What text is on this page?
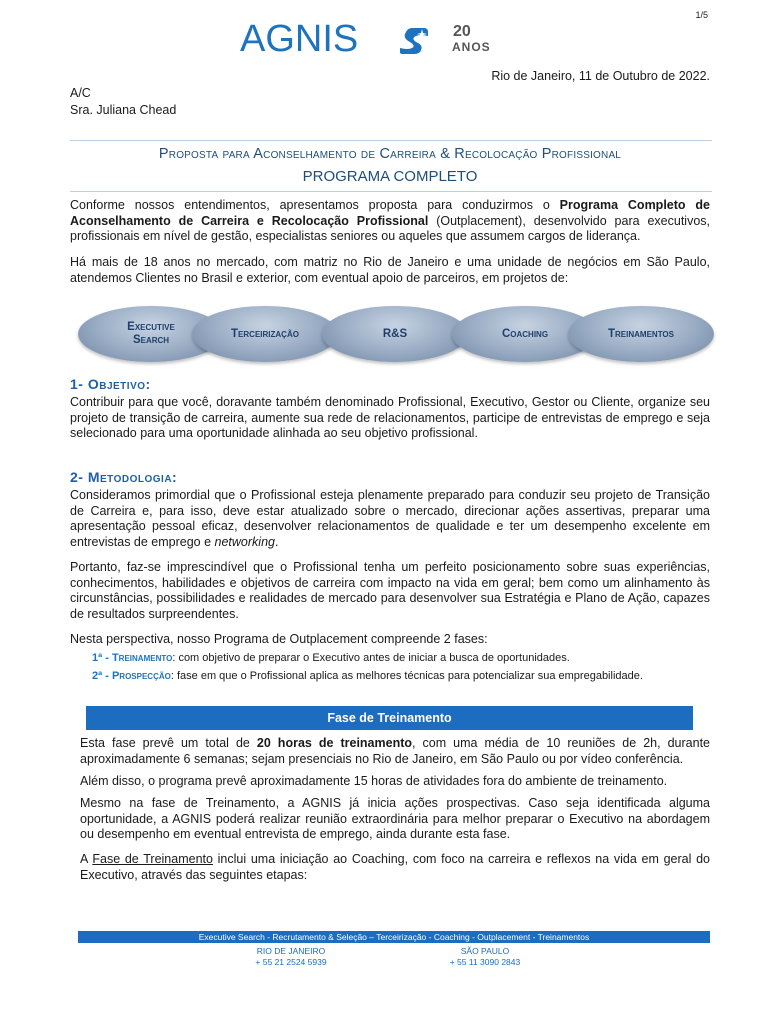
1/5
AGNIS	20
ANOS
Rio de Janeiro, 11 de Outubro de 2022.
A/C
Sra. Juliana Chead
Proposta para Aconselhamento de Carreira & Recolocação Profissional
PROGRAMA COMPLETO
Conforme nossos entendimentos, apresentamos proposta para conduzirmos o Programa Completo de Aconselhamento de Carreira e Recolocação Profissional (Outplacement), desenvolvido para executivos, profissionais em nível de gestão, especialistas seniores ou aqueles que assumem cargos de liderança.
Há mais de 18 anos no mercado, com matriz no Rio de Janeiro e uma unidade de negócios em São Paulo, atendemos Clientes no Brasil e exterior, com eventual apoio de parceiros, em projetos de:
Executive
Search
Terceirização	R&S	Coaching	Treinamentos
1- Objetivo:
Contribuir para que você, doravante também denominado Profissional, Executivo, Gestor ou Cliente, organize seu projeto de transição de carreira, aumente sua rede de relacionamentos, participe de entrevistas de emprego e seja selecionado para uma oportunidade alinhada ao seu objetivo profissional.
2- Metodologia:
Consideramos primordial que o Profissional esteja plenamente preparado para conduzir seu projeto de Transição de Carreira e, para isso, deve estar atualizado sobre o mercado, direcionar ações assertivas, preparar uma apresentação pessoal eficaz, desenvolver relacionamentos de qualidade e ter um desempenho excelente em entrevistas de emprego e networking.
Portanto, faz-se imprescindível que o Profissional tenha um perfeito posicionamento sobre suas experiências, conhecimentos, habilidades e objetivos de carreira com impacto na vida em geral; bem como um alinhamento às circunstâncias, possibilidades e realidades de mercado para desenvolver sua Estratégia e Plano de Ação, capazes de resultados surpreendentes.
Nesta perspectiva, nosso Programa de Outplacement compreende 2 fases:
1ª - Treinamento: com objetivo de preparar o Executivo antes de iniciar a busca de oportunidades.
2ª - Prospecção: fase em que o Profissional aplica as melhores técnicas para potencializar sua empregabilidade.
Fase de Treinamento
Esta fase prevê um total de 20 horas de treinamento, com uma média de 10 reuniões de 2h, durante aproximadamente 6 semanas; sejam presenciais no Rio de Janeiro, em São Paulo ou por vídeo conferência.
Além disso, o programa prevê aproximadamente 15 horas de atividades fora do ambiente de treinamento.
Mesmo na fase de Treinamento, a AGNIS já inicia ações prospectivas. Caso seja identificada alguma oportunidade, a AGNIS poderá realizar reunião extraordinária para melhor preparar o Executivo na abordagem ou desempenho em eventual entrevista de emprego, ainda durante esta fase.
A Fase de Treinamento inclui uma iniciação ao Coaching, com foco na carreira e reflexos na vida em geral do Executivo, através das seguintes etapas:
Executive Search - Recrutamento & Seleção – Terceirização - Coaching - Outplacement - Treinamentos
RIO DE JANEIRO
+ 55 21 2524 5939
SÃO PAULO
+ 55 11 3090 2843
